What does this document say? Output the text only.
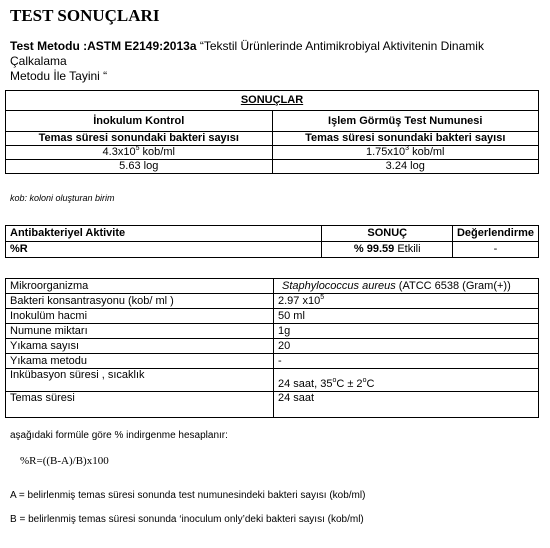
TEST SONUÇLARI
Test Metodu :ASTM E2149:2013a “Tekstil Ürünlerinde Antimikrobiyal Aktivitenin Dinamik Çalkalama
Metodu İle Tayini “
SONUÇLAR	
İnokulum Kontrol	Işlem Görmüş Test Numunesi
Temas süresi sonundaki bakteri sayısı	Temas süresi sonundaki bakteri sayısı
$4.3x10^5$ kob/ml	$1.75x10^3$ kob/ml
5.63 log	3.24 log
kob: koloni oluşturan birim
Antibakteriyel Aktivite	SONUÇ	Değerlendirme
%R	% 99.59 Etkili	-
Mikroorganizma	Staphylococcus aureus (ATCC 6538 (Gram(+))
Bakteri konsantrasyonu (kob/ ml )	2.97 $x10^5$
Inokulüm hacmi	50 ml
Numune miktarı	1g
Yıkama sayısı	20
Yıkama metodu	-
Inkübasyon süresi , sıcaklık	24 saat, $35^oC \pm 2^oC$
Temas süresi	24 saat
aşağıdaki formüle göre % indirgenme hesaplanır:
%R=((B-A)/B)x100
A = belirlenmiş temas süresi sonunda test numunesindeki bakteri sayısı (kob/ml)
B = belirlenmiş temas süresi sonunda ‘inoculum only’deki bakteri sayısı (kob/ml)
